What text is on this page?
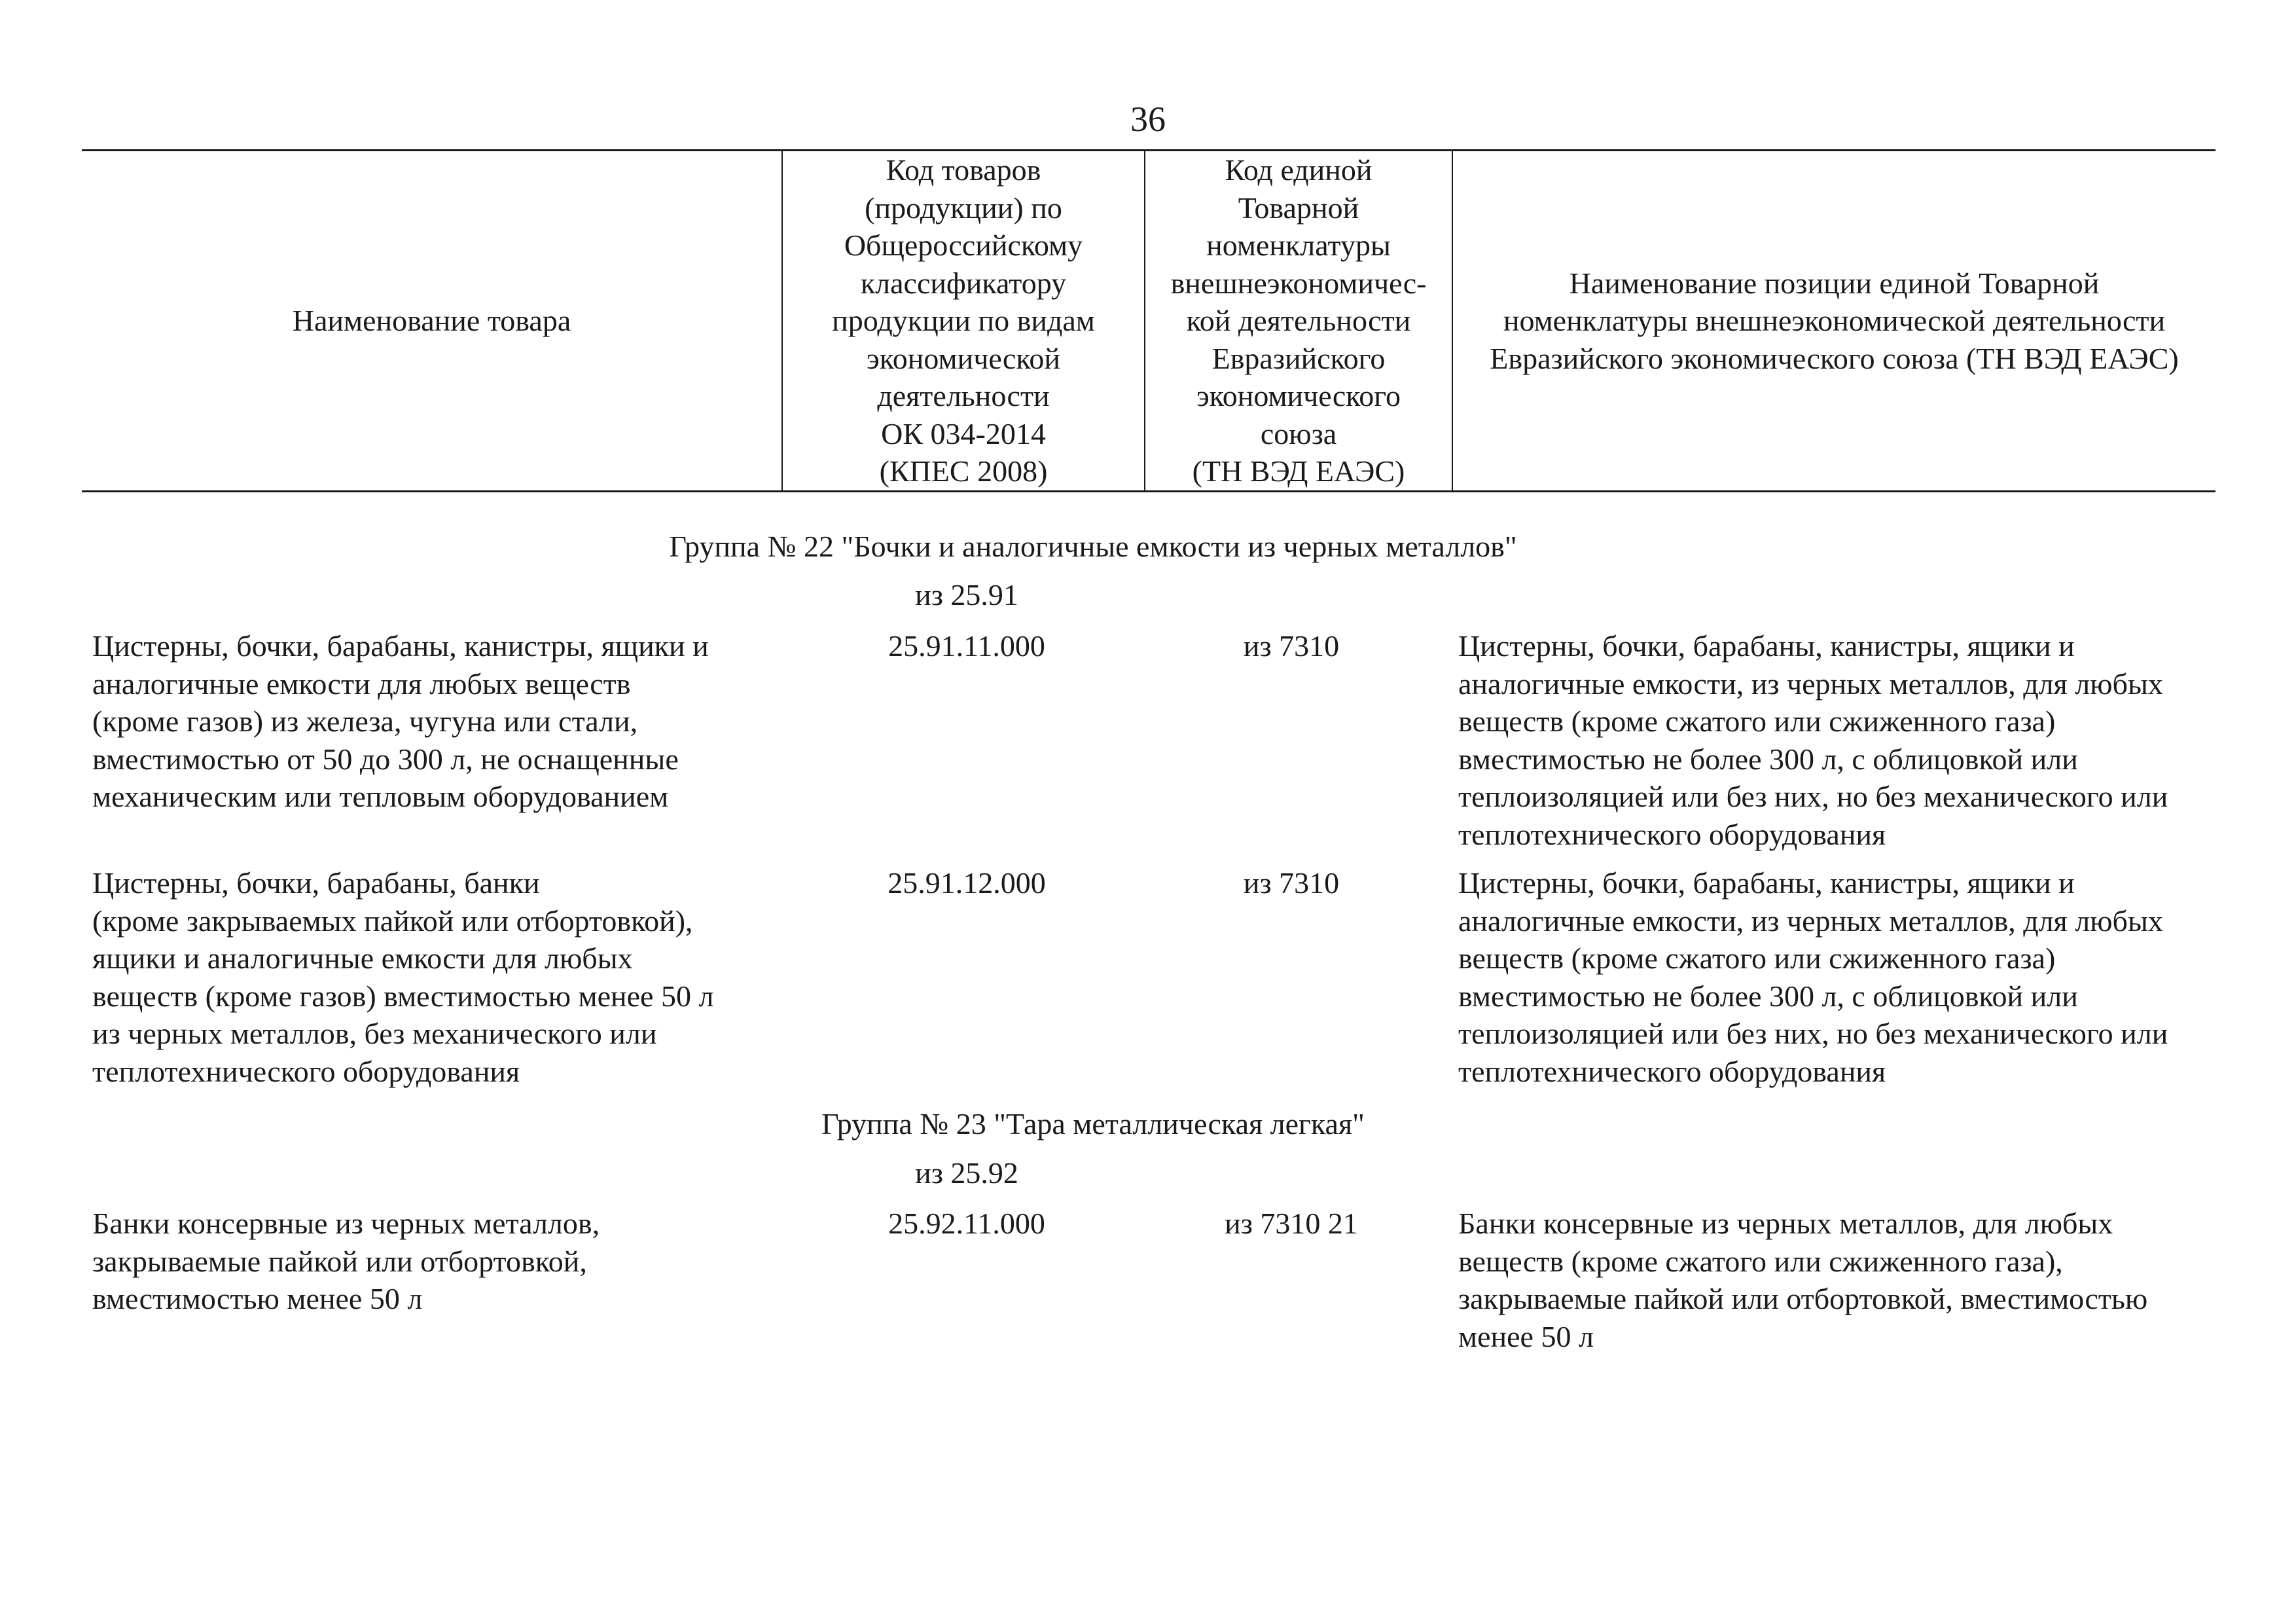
36
Наименование товара

Код товаров
(продукции) по
Общероссийскому
классификатору
продукции по видам
экономической
деятельности
ОК 034-2014
(КПЕС 2008)

Код единой
Товарной
номенклатуры
внешнеэкономичес-
кой деятельности
Евразийского
экономического
союза
(ТН ВЭД ЕАЭС)

Наименование позиции единой Товарной
номенклатуры внешнеэкономической деятельности
Евразийского экономического союза (ТН ВЭД ЕАЭС)
Группа № 22 "Бочки и аналогичные емкости из черных металлов"
из 25.91
Цистерны, бочки, барабаны, канистры, ящики и
аналогичные емкости для любых веществ
(кроме газов) из железа, чугуна или стали,
вместимостью от 50 до 300 л, не оснащенные
механическим или тепловым оборудованием
25.91.11.000	из 7310	Цистерны, бочки, барабаны, канистры, ящики и
аналогичные емкости, из черных металлов, для любых
веществ (кроме сжатого или сжиженного газа)
вместимостью не более 300 л, с облицовкой или
теплоизоляцией или без них, но без механического или
теплотехнического оборудования
Цистерны, бочки, барабаны, банки
(кроме закрываемых пайкой или отбортовкой),
ящики и аналогичные емкости для любых
веществ (кроме газов) вместимостью менее 50 л
из черных металлов, без механического или
теплотехнического оборудования
25.91.12.000	из 7310	Цистерны, бочки, барабаны, канистры, ящики и
аналогичные емкости, из черных металлов, для любых
веществ (кроме сжатого или сжиженного газа)
вместимостью не более 300 л, с облицовкой или
теплоизоляцией или без них, но без механического или
теплотехнического оборудования
Группа № 23 "Тара металлическая легкая"
из 25.92
Банки консервные из черных металлов,
закрываемые пайкой или отбортовкой,
вместимостью менее 50 л
25.92.11.000	из 7310 21	Банки консервные из черных металлов, для любых
веществ (кроме сжатого или сжиженного газа),
закрываемые пайкой или отбортовкой, вместимостью
менее 50 л
